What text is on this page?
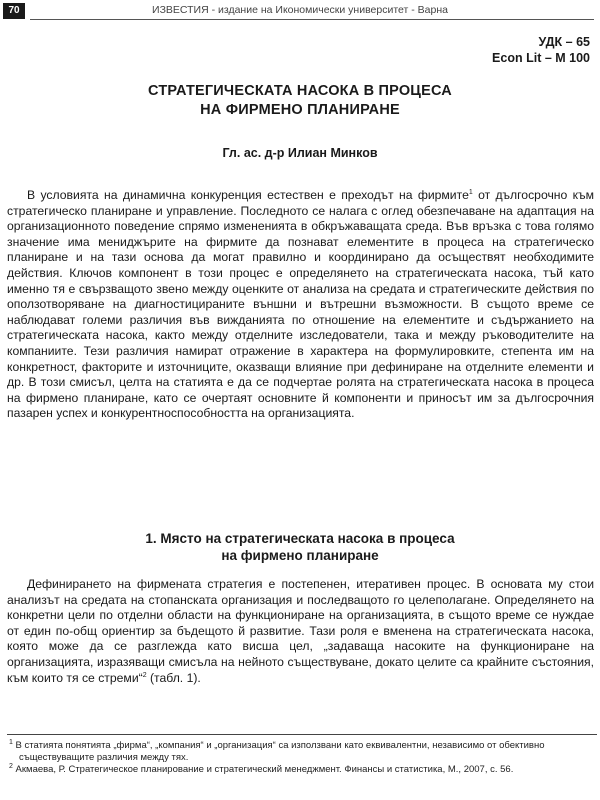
70	ИЗВЕСТИЯ - издание на Икономически университет - Варна
УДК – 65
Econ Lit – M 100
СТРАТЕГИЧЕСКАТА НАСОКА В ПРОЦЕСА
НА ФИРМЕНО ПЛАНИРАНЕ
Гл. ас. д-р Илиан Минков

В условията на динамична конкуренция естествен е преходът на фирмите$^1$ от дългосрочно към стратегическо планиране и управление. Последното се налага с оглед обезпечаване на адаптация на организационното поведение спрямо измененията в обкръжаващата среда. Във връзка с това голямо значение има мениджърите на фирмите да познават елементите в процеса на стратегическо планиране и на тази основа да могат правилно и координирано да осъществят необходимите действия. Ключов компонент в този процес е определянето на стратегическата насока, тъй като именно тя е свързващото звено между оценките от анализа на средата и стратегическите действия по оползотворяване на диагностицираните външни и вътрешни възможности. В същото време се наблюдават големи различия във вижданията по отношение на елементите и съдържанието на стратегическата насока, както между отделните изследователи, така и между ръководителите на компаниите. Тези различия намират отражение в характера на формулировките, степента им на конкретност, факторите и източниците, оказващи влияние при дефиниране на отделните елементи и др. В този смисъл, целта на статията е да се подчертае ролята на стратегическата насока в процеса на фирмено планиране, като се очертаят основните й компоненти и приносът им за дългосрочния пазарен успех и конкурентноспособността на организацията.

1. Място на стратегическата насока в процеса
на фирмено планиране

Дефинирането на фирмената стратегия е постепенен, итеративен процес. В основата му стои анализът на средата на стопанската организация и последващото го целеполагане. Определянето на конкретни цели по отделни области на функциониране на организацията, в същото време се нуждае от един по-общ ориентир за бъдещото й развитие. Тази роля е вменена на стратегическата насока, която може да се разглежда като висша цел, „задаваща насоките на функциониране на организацията, изразяващи смисъла на нейното съществуване, докато целите са крайните състояния, към които тя се стреми“$^2$ (табл. 1).

$^1$ В статията понятията „фирма“, „компания“ и „организация“ са използвани като еквивалентни, независимо от обективно съществуващите различия между тях.
$^2$ Акмаева, Р. Стратегическое планирование и стратегический менеджмент. Финансы и статистика, М., 2007, с. 56.
